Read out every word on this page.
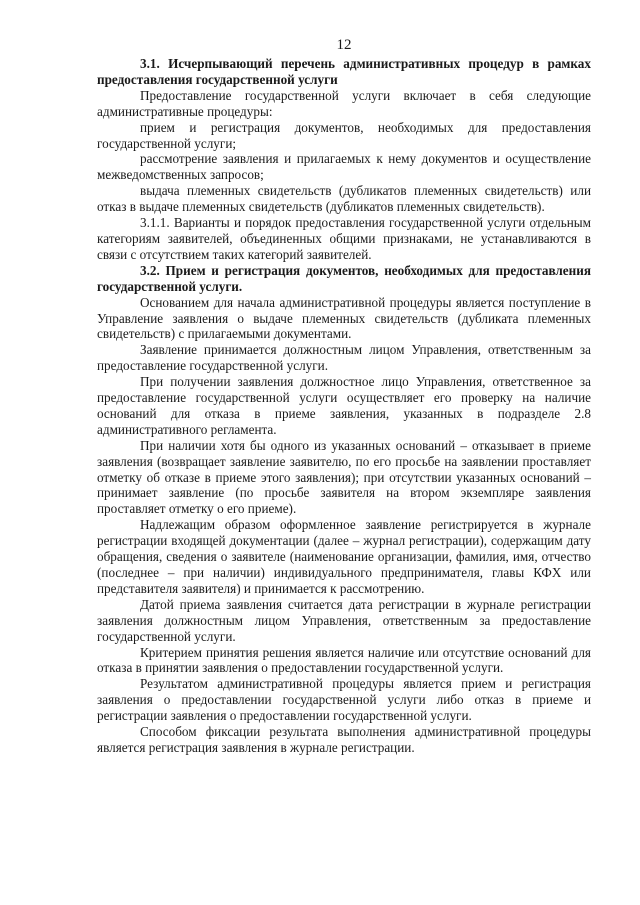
12

3.1. Исчерпывающий перечень административных процедур в рамках предоставления государственной услуги

Предоставление государственной услуги включает в себя следующие административные процедуры:

прием и регистрация документов, необходимых для предоставления государственной услуги;

рассмотрение заявления и прилагаемых к нему документов и осуществление межведомственных запросов;

выдача племенных свидетельств (дубликатов племенных свидетельств) или отказ в выдаче племенных свидетельств (дубликатов племенных свидетельств).

3.1.1. Варианты и порядок предоставления государственной услуги отдельным категориям заявителей, объединенных общими признаками, не устанавливаются в связи с отсутствием таких категорий заявителей.

3.2. Прием и регистрация документов, необходимых для предоставления государственной услуги.

Основанием для начала административной процедуры является поступление в Управление заявления о выдаче племенных свидетельств (дубликата племенных свидетельств) с прилагаемыми документами.

Заявление принимается должностным лицом Управления, ответственным за предоставление государственной услуги.

При получении заявления должностное лицо Управления, ответственное за предоставление государственной услуги осуществляет его проверку на наличие оснований для отказа в приеме заявления, указанных в подразделе 2.8 административного регламента.

При наличии хотя бы одного из указанных оснований – отказывает в приеме заявления (возвращает заявление заявителю, по его просьбе на заявлении проставляет отметку об отказе в приеме этого заявления); при отсутствии указанных оснований – принимает заявление (по просьбе заявителя на втором экземпляре заявления проставляет отметку о его приеме).

Надлежащим образом оформленное заявление регистрируется в журнале регистрации входящей документации (далее – журнал регистрации), содержащим дату обращения, сведения о заявителе (наименование организации, фамилия, имя, отчество (последнее – при наличии) индивидуального предпринимателя, главы КФХ или представителя заявителя) и принимается к рассмотрению.

Датой приема заявления считается дата регистрации в журнале регистрации заявления должностным лицом Управления, ответственным за предоставление государственной услуги.

Критерием принятия решения является наличие или отсутствие оснований для отказа в принятии заявления о предоставлении государственной услуги.

Результатом административной процедуры является прием и регистрация заявления о предоставлении государственной услуги либо отказ в приеме и регистрации заявления о предоставлении государственной услуги.

Способом фиксации результата выполнения административной процедуры является регистрация заявления в журнале регистрации.
